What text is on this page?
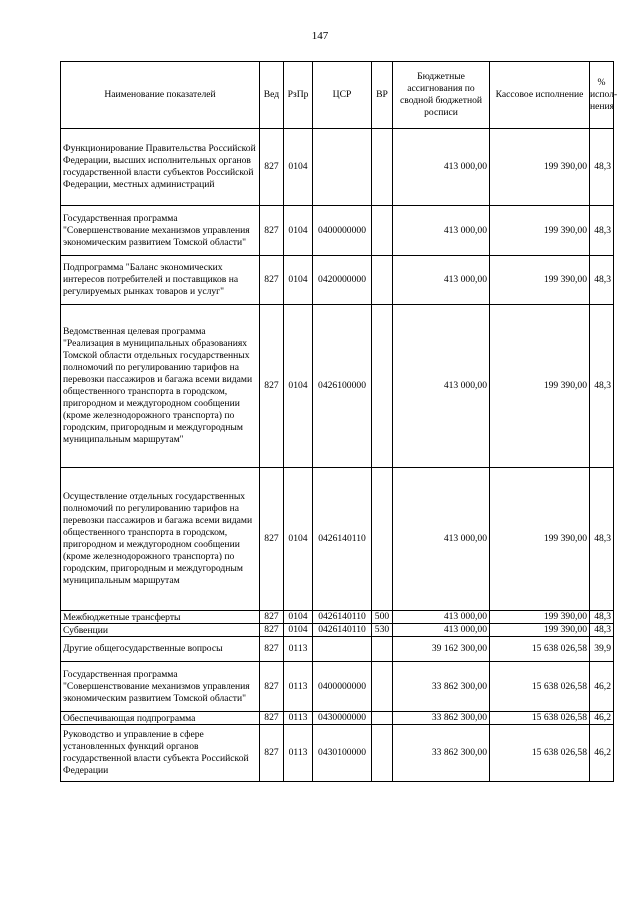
147
Наименование показателей	Вед	РзПр	ЦСР	ВР	Бюджетные ассигнования по сводной бюджетной росписи	Кассовое исполнение	% испол-нения

Функционирование Правительства Российской Федерации, высших исполнительных органов государственной власти субъектов Российской Федерации, местных администраций	827	0104			413 000,00	199 390,00	48,3

Государственная программа "Совершенствование механизмов управления экономическим развитием Томской области"	827	0104	0400000000		413 000,00	199 390,00	48,3

Подпрограмма "Баланс экономических интересов потребителей и поставщиков на регулируемых рынках товаров и услуг"	827	0104	0420000000		413 000,00	199 390,00	48,3

Ведомственная целевая программа "Реализация в муниципальных образованиях Томской области отдельных государственных полномочий по регулированию тарифов на перевозки пассажиров и багажа всеми видами общественного транспорта в городском, пригородном и междугородном сообщении (кроме железнодорожного транспорта) по городским, пригородным и междугородным муниципальным маршрутам"	827	0104	0426100000		413 000,00	199 390,00	48,3

Осуществление отдельных государственных полномочий по регулированию тарифов на перевозки пассажиров и багажа всеми видами общественного транспорта в городском, пригородном и междугородном сообщении (кроме железнодорожного транспорта) по городским, пригородным и междугородным муниципальным маршрутам	827	0104	0426140110		413 000,00	199 390,00	48,3

Межбюджетные трансферты	827	0104	0426140110	500	413 000,00	199 390,00	48,3

Субвенции	827	0104	0426140110	530	413 000,00	199 390,00	48,3

Другие общегосударственные вопросы	827	0113			39 162 300,00	15 638 026,58	39,9

Государственная программа "Совершенствование механизмов управления экономическим развитием Томской области"	827	0113	0400000000		33 862 300,00	15 638 026,58	46,2

Обеспечивающая подпрограмма	827	0113	0430000000		33 862 300,00	15 638 026,58	46,2

Руководство и управление в сфере установленных функций органов государственной власти субъекта Российской Федерации	827	0113	0430100000		33 862 300,00	15 638 026,58	46,2
